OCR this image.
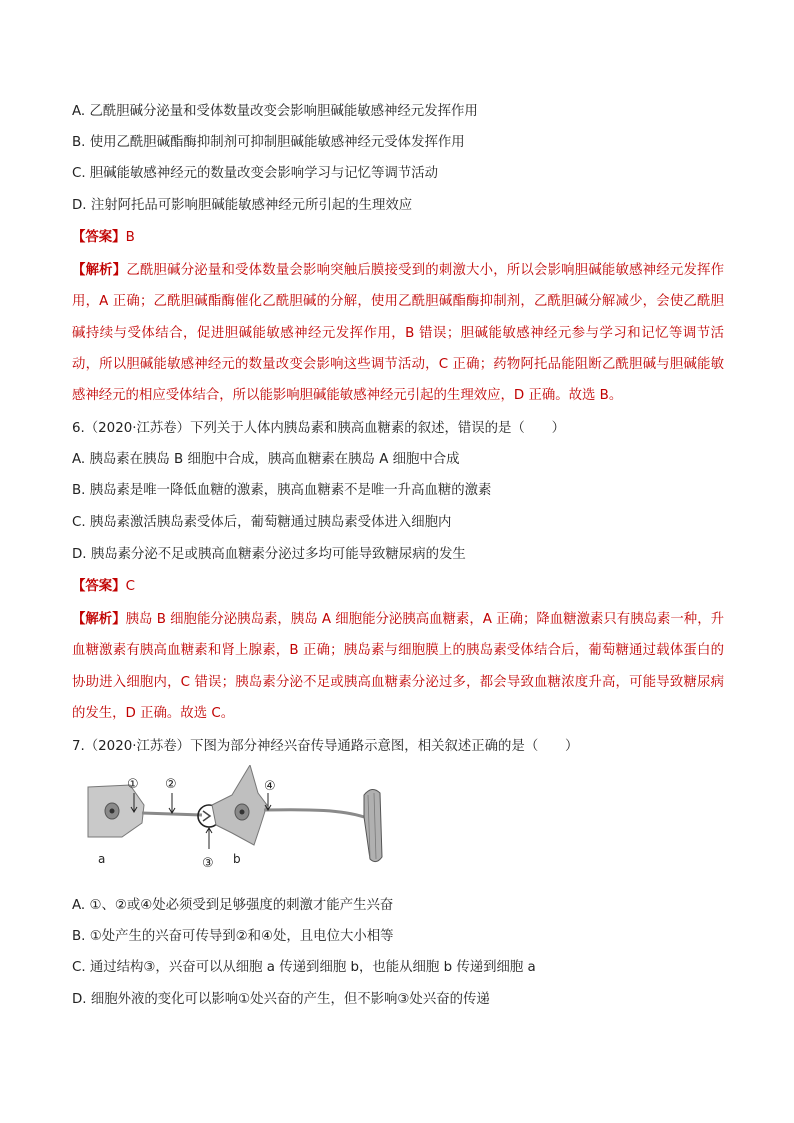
A. 乙酰胆碱分泌量和受体数量改变会影响胆碱能敏感神经元发挥作用
B. 使用乙酰胆碱酯酶抑制剂可抑制胆碱能敏感神经元受体发挥作用
C. 胆碱能敏感神经元的数量改变会影响学习与记忆等调节活动
D. 注射阿托品可影响胆碱能敏感神经元所引起的生理效应
【答案】B
【解析】乙酰胆碱分泌量和受体数量会影响突触后膜接受到的刺激大小，所以会影响胆碱能敏感神经元发挥作用，A 正确；乙酰胆碱酯酶催化乙酰胆碱的分解，使用乙酰胆碱酯酶抑制剂，乙酰胆碱分解减少，会使乙酰胆碱持续与受体结合，促进胆碱能敏感神经元发挥作用，B 错误；胆碱能敏感神经元参与学习和记忆等调节活动，所以胆碱能敏感神经元的数量改变会影响这些调节活动，C 正确；药物阿托品能阻断乙酰胆碱与胆碱能敏感神经元的相应受体结合，所以能影响胆碱能敏感神经元引起的生理效应，D 正确。故选 B。
6.（2020·江苏卷）下列关于人体内胰岛素和胰高血糖素的叙述，错误的是（　　）
A. 胰岛素在胰岛 B 细胞中合成，胰高血糖素在胰岛 A 细胞中合成
B. 胰岛素是唯一降低血糖的激素，胰高血糖素不是唯一升高血糖的激素
C. 胰岛素激活胰岛素受体后，葡萄糖通过胰岛素受体进入细胞内
D. 胰岛素分泌不足或胰高血糖素分泌过多均可能导致糖尿病的发生
【答案】C
【解析】胰岛 B 细胞能分泌胰岛素，胰岛 A 细胞能分泌胰高血糖素，A 正确；降血糖激素只有胰岛素一种，升血糖激素有胰高血糖素和肾上腺素，B 正确；胰岛素与细胞膜上的胰岛素受体结合后，葡萄糖通过载体蛋白的协助进入细胞内，C 错误；胰岛素分泌不足或胰高血糖素分泌过多，都会导致血糖浓度升高，可能导致糖尿病的发生，D 正确。故选 C。
7.（2020·江苏卷）下图为部分神经兴奋传导通路示意图，相关叙述正确的是（　　）
① ②	④
③
a	b
A. ①、②或④处必须受到足够强度的刺激才能产生兴奋
B. ①处产生的兴奋可传导到②和④处，且电位大小相等
C. 通过结构③，兴奋可以从细胞 a 传递到细胞 b，也能从细胞 b 传递到细胞 a
D. 细胞外液的变化可以影响①处兴奋的产生，但不影响③处兴奋的传递
